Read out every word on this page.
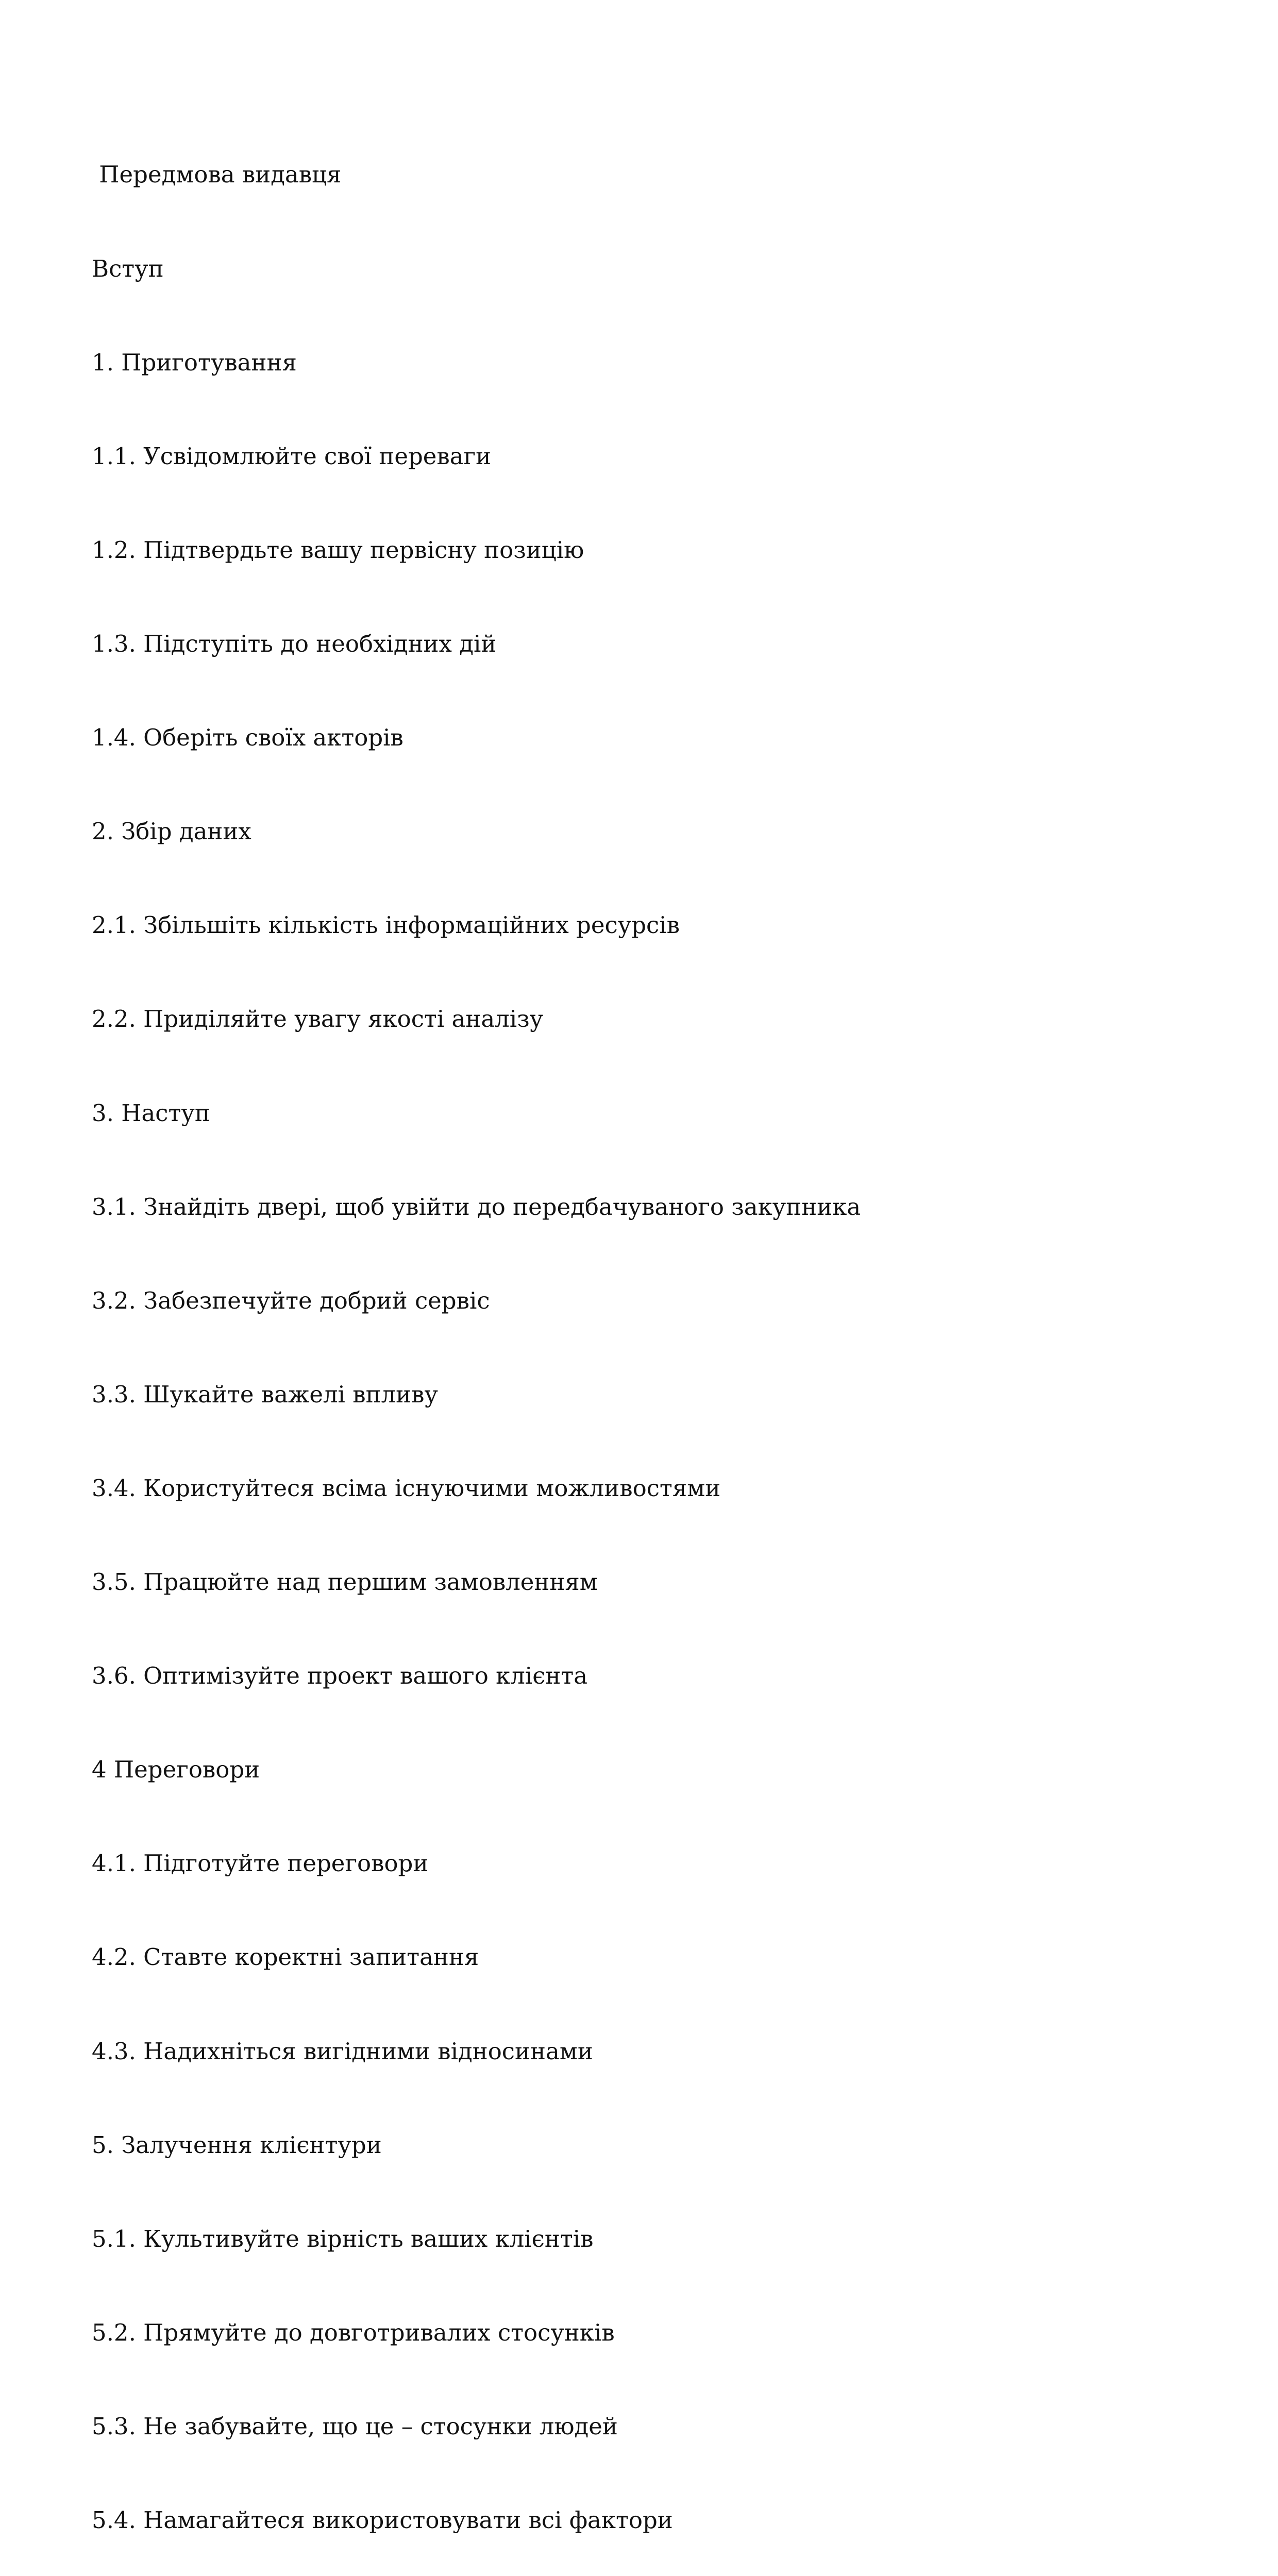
Передмова видавця

Вступ

1. Приготування

1.1. Усвідомлюйте свої переваги

1.2. Підтвердьте вашу первісну позицію

1.3. Підступіть до необхідних дій

1.4. Оберіть своїх акторів

2. Збір даних

2.1. Збільшіть кількість інформаційних ресурсів

2.2. Приділяйте увагу якості аналізу

3. Наступ

3.1. Знайдіть двері, щоб увійти до передбачуваного закупника

3.2. Забезпечуйте добрий сервіс

3.3. Шукайте важелі впливу

3.4. Користуйтеся всіма існуючими можливостями

3.5. Працюйте над першим замовленням

3.6. Оптимізуйте проект вашого клієнта

4 Переговори

4.1. Підготуйте переговори

4.2. Ставте коректні запитання

4.3. Надихніться вигідними відносинами

5. Залучення клієнтури

5.1. Культивуйте вірність ваших клієнтів

5.2. Прямуйте до довготривалих стосунків

5.3. Не забувайте, що це – стосунки людей

5.4. Намагайтеся використовувати всі фактори
